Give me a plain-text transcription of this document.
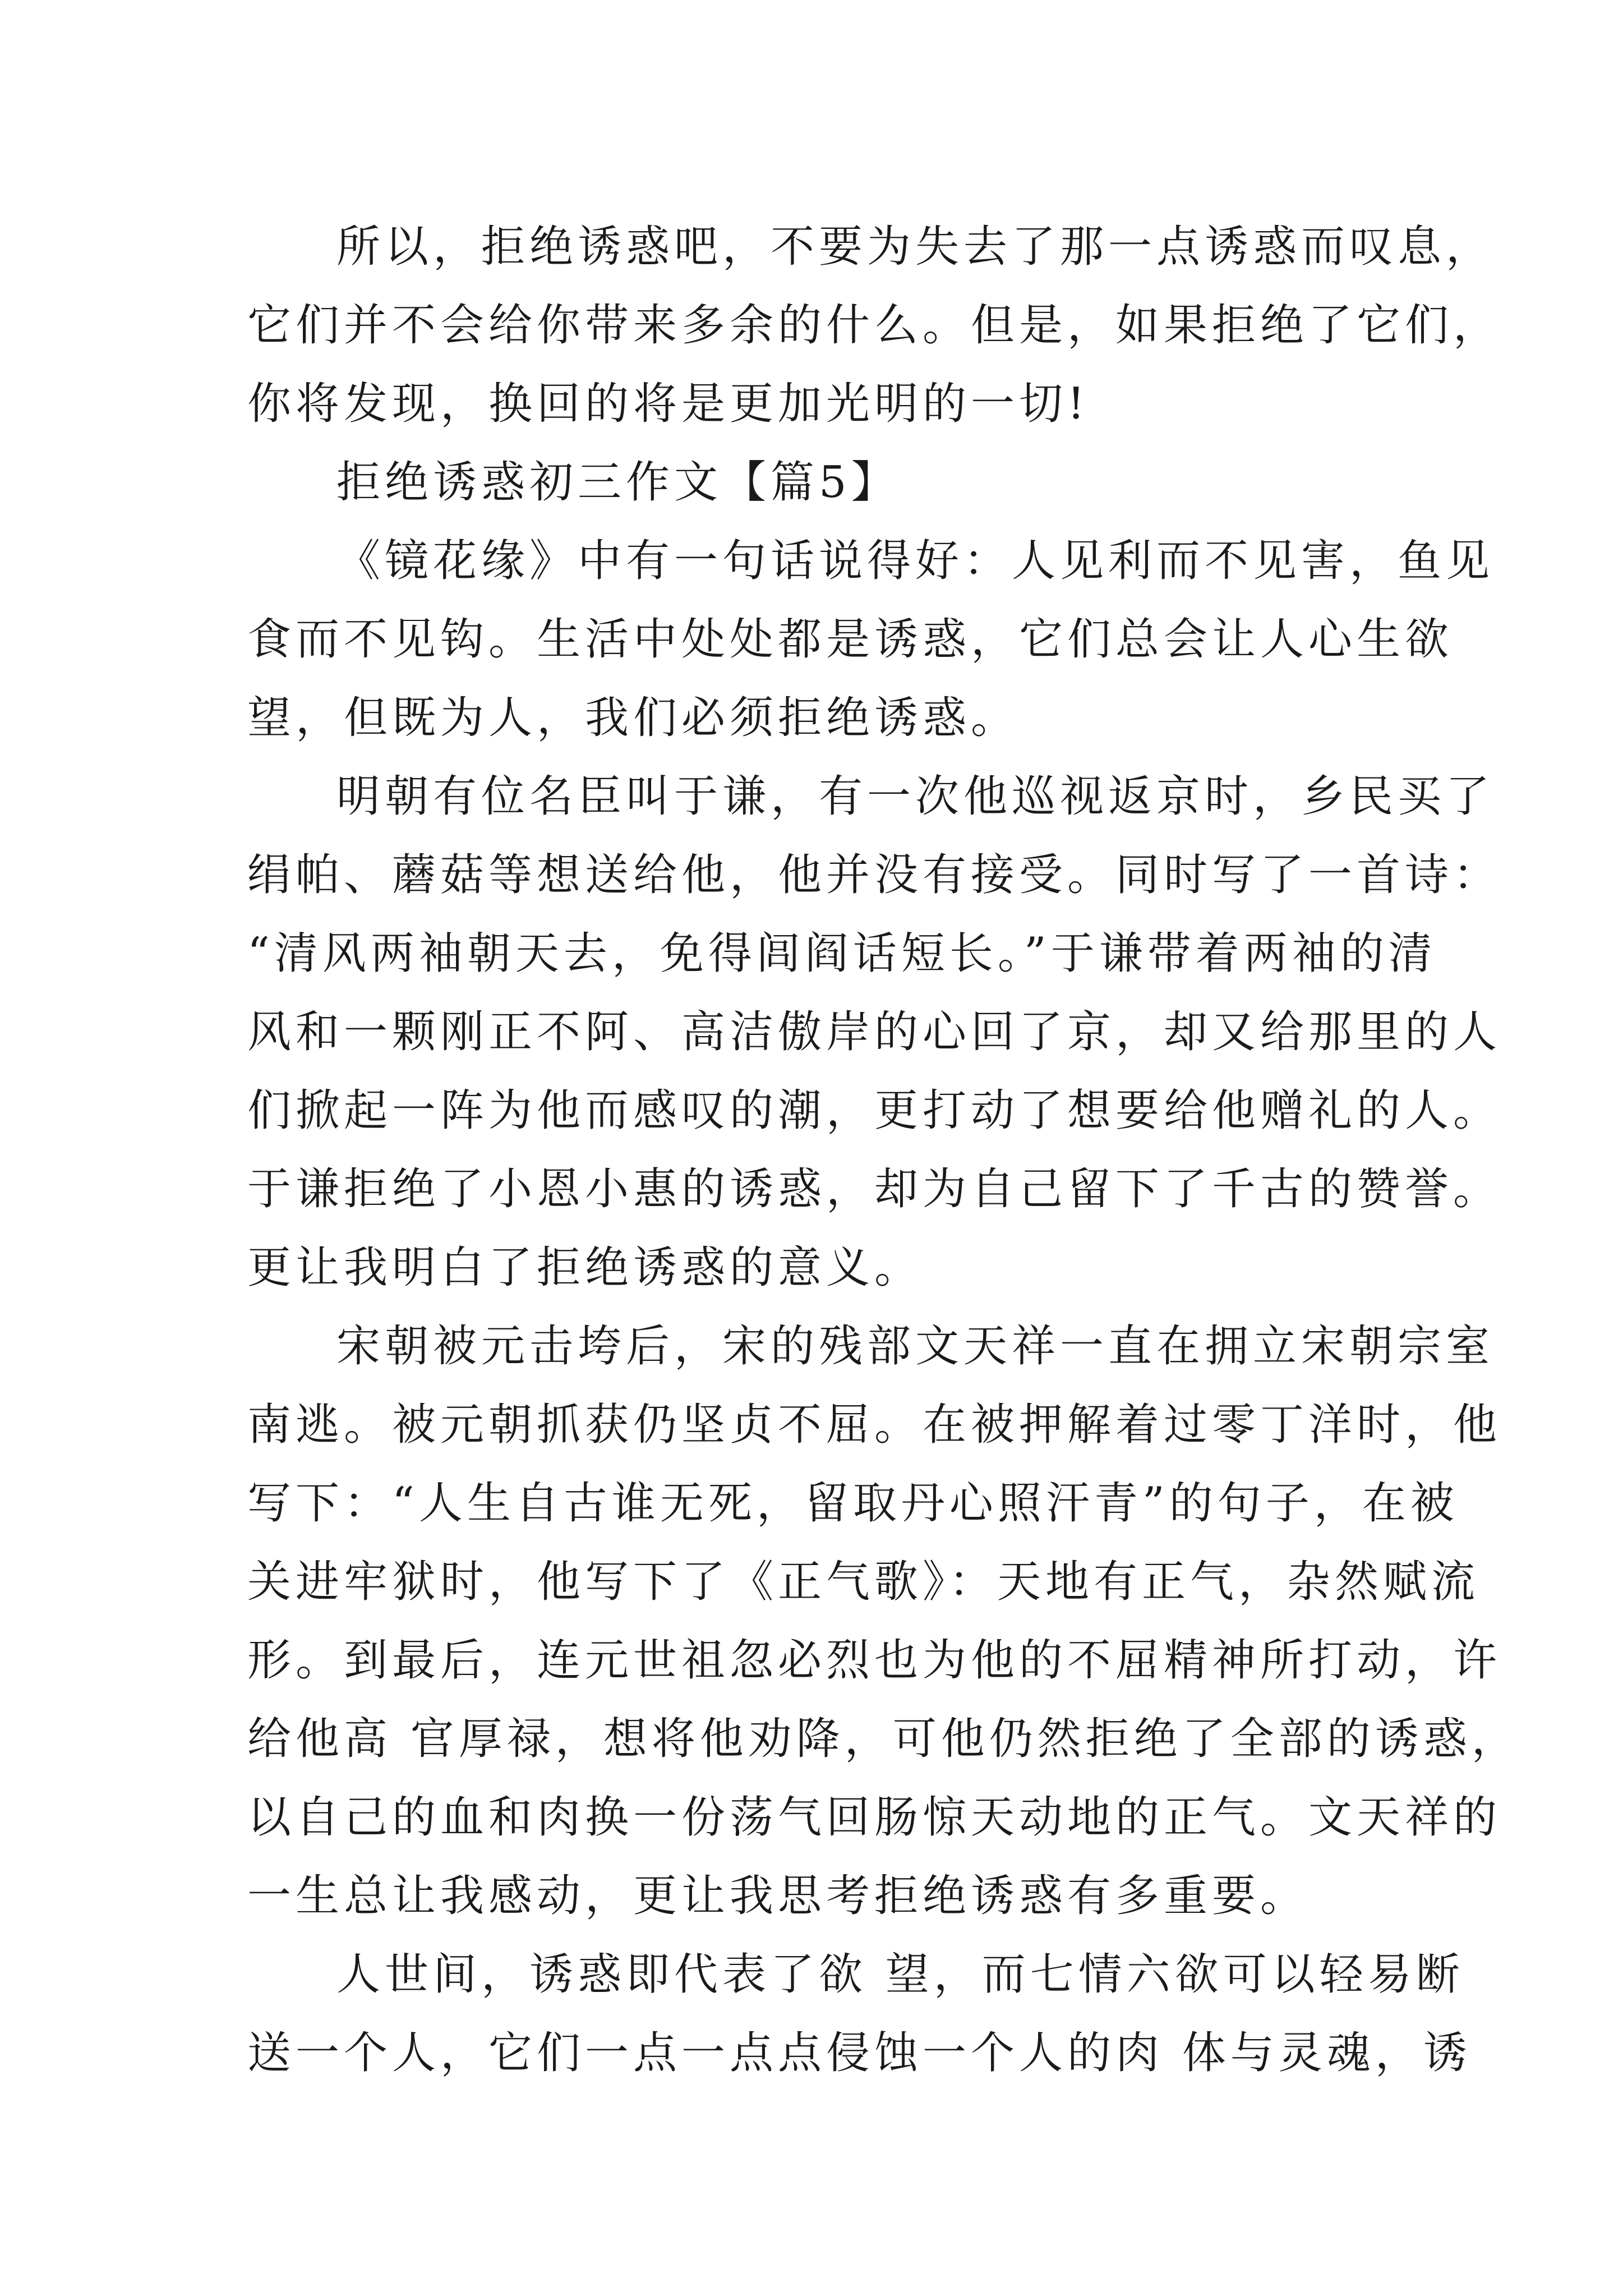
所以，拒绝诱惑吧，不要为失去了那一点诱惑而叹息，

它们并不会给你带来多余的什么。但是，如果拒绝了它们，

你将发现，换回的将是更加光明的一切!

拒绝诱惑初三作文【篇5】

《镜花缘》中有一句话说得好：人见利而不见害，鱼见

食而不见钩。生活中处处都是诱惑，它们总会让人心生欲

望，但既为人，我们必须拒绝诱惑。

明朝有位名臣叫于谦，有一次他巡视返京时，乡民买了

绢帕、蘑菇等想送给他，他并没有接受。同时写了一首诗：

“清风两袖朝天去，免得闾阎话短长。”于谦带着两袖的清

风和一颗刚正不阿、高洁傲岸的心回了京，却又给那里的人

们掀起一阵为他而感叹的潮，更打动了想要给他赠礼的人。

于谦拒绝了小恩小惠的诱惑，却为自己留下了千古的赞誉。

更让我明白了拒绝诱惑的意义。

宋朝被元击垮后，宋的残部文天祥一直在拥立宋朝宗室

南逃。被元朝抓获仍坚贞不屈。在被押解着过零丁洋时，他

写下：“人生自古谁无死，留取丹心照汗青”的句子，在被

关进牢狱时，他写下了《正气歌》：天地有正气，杂然赋流

形。到最后，连元世祖忽必烈也为他的不屈精神所打动，许

给他高 官厚禄，想将他劝降，可他仍然拒绝了全部的诱惑，

以自己的血和肉换一份荡气回肠惊天动地的正气。文天祥的

一生总让我感动，更让我思考拒绝诱惑有多重要。

人世间，诱惑即代表了欲 望，而七情六欲可以轻易断

送一个人，它们一点一点点侵蚀一个人的肉 体与灵魂，诱
